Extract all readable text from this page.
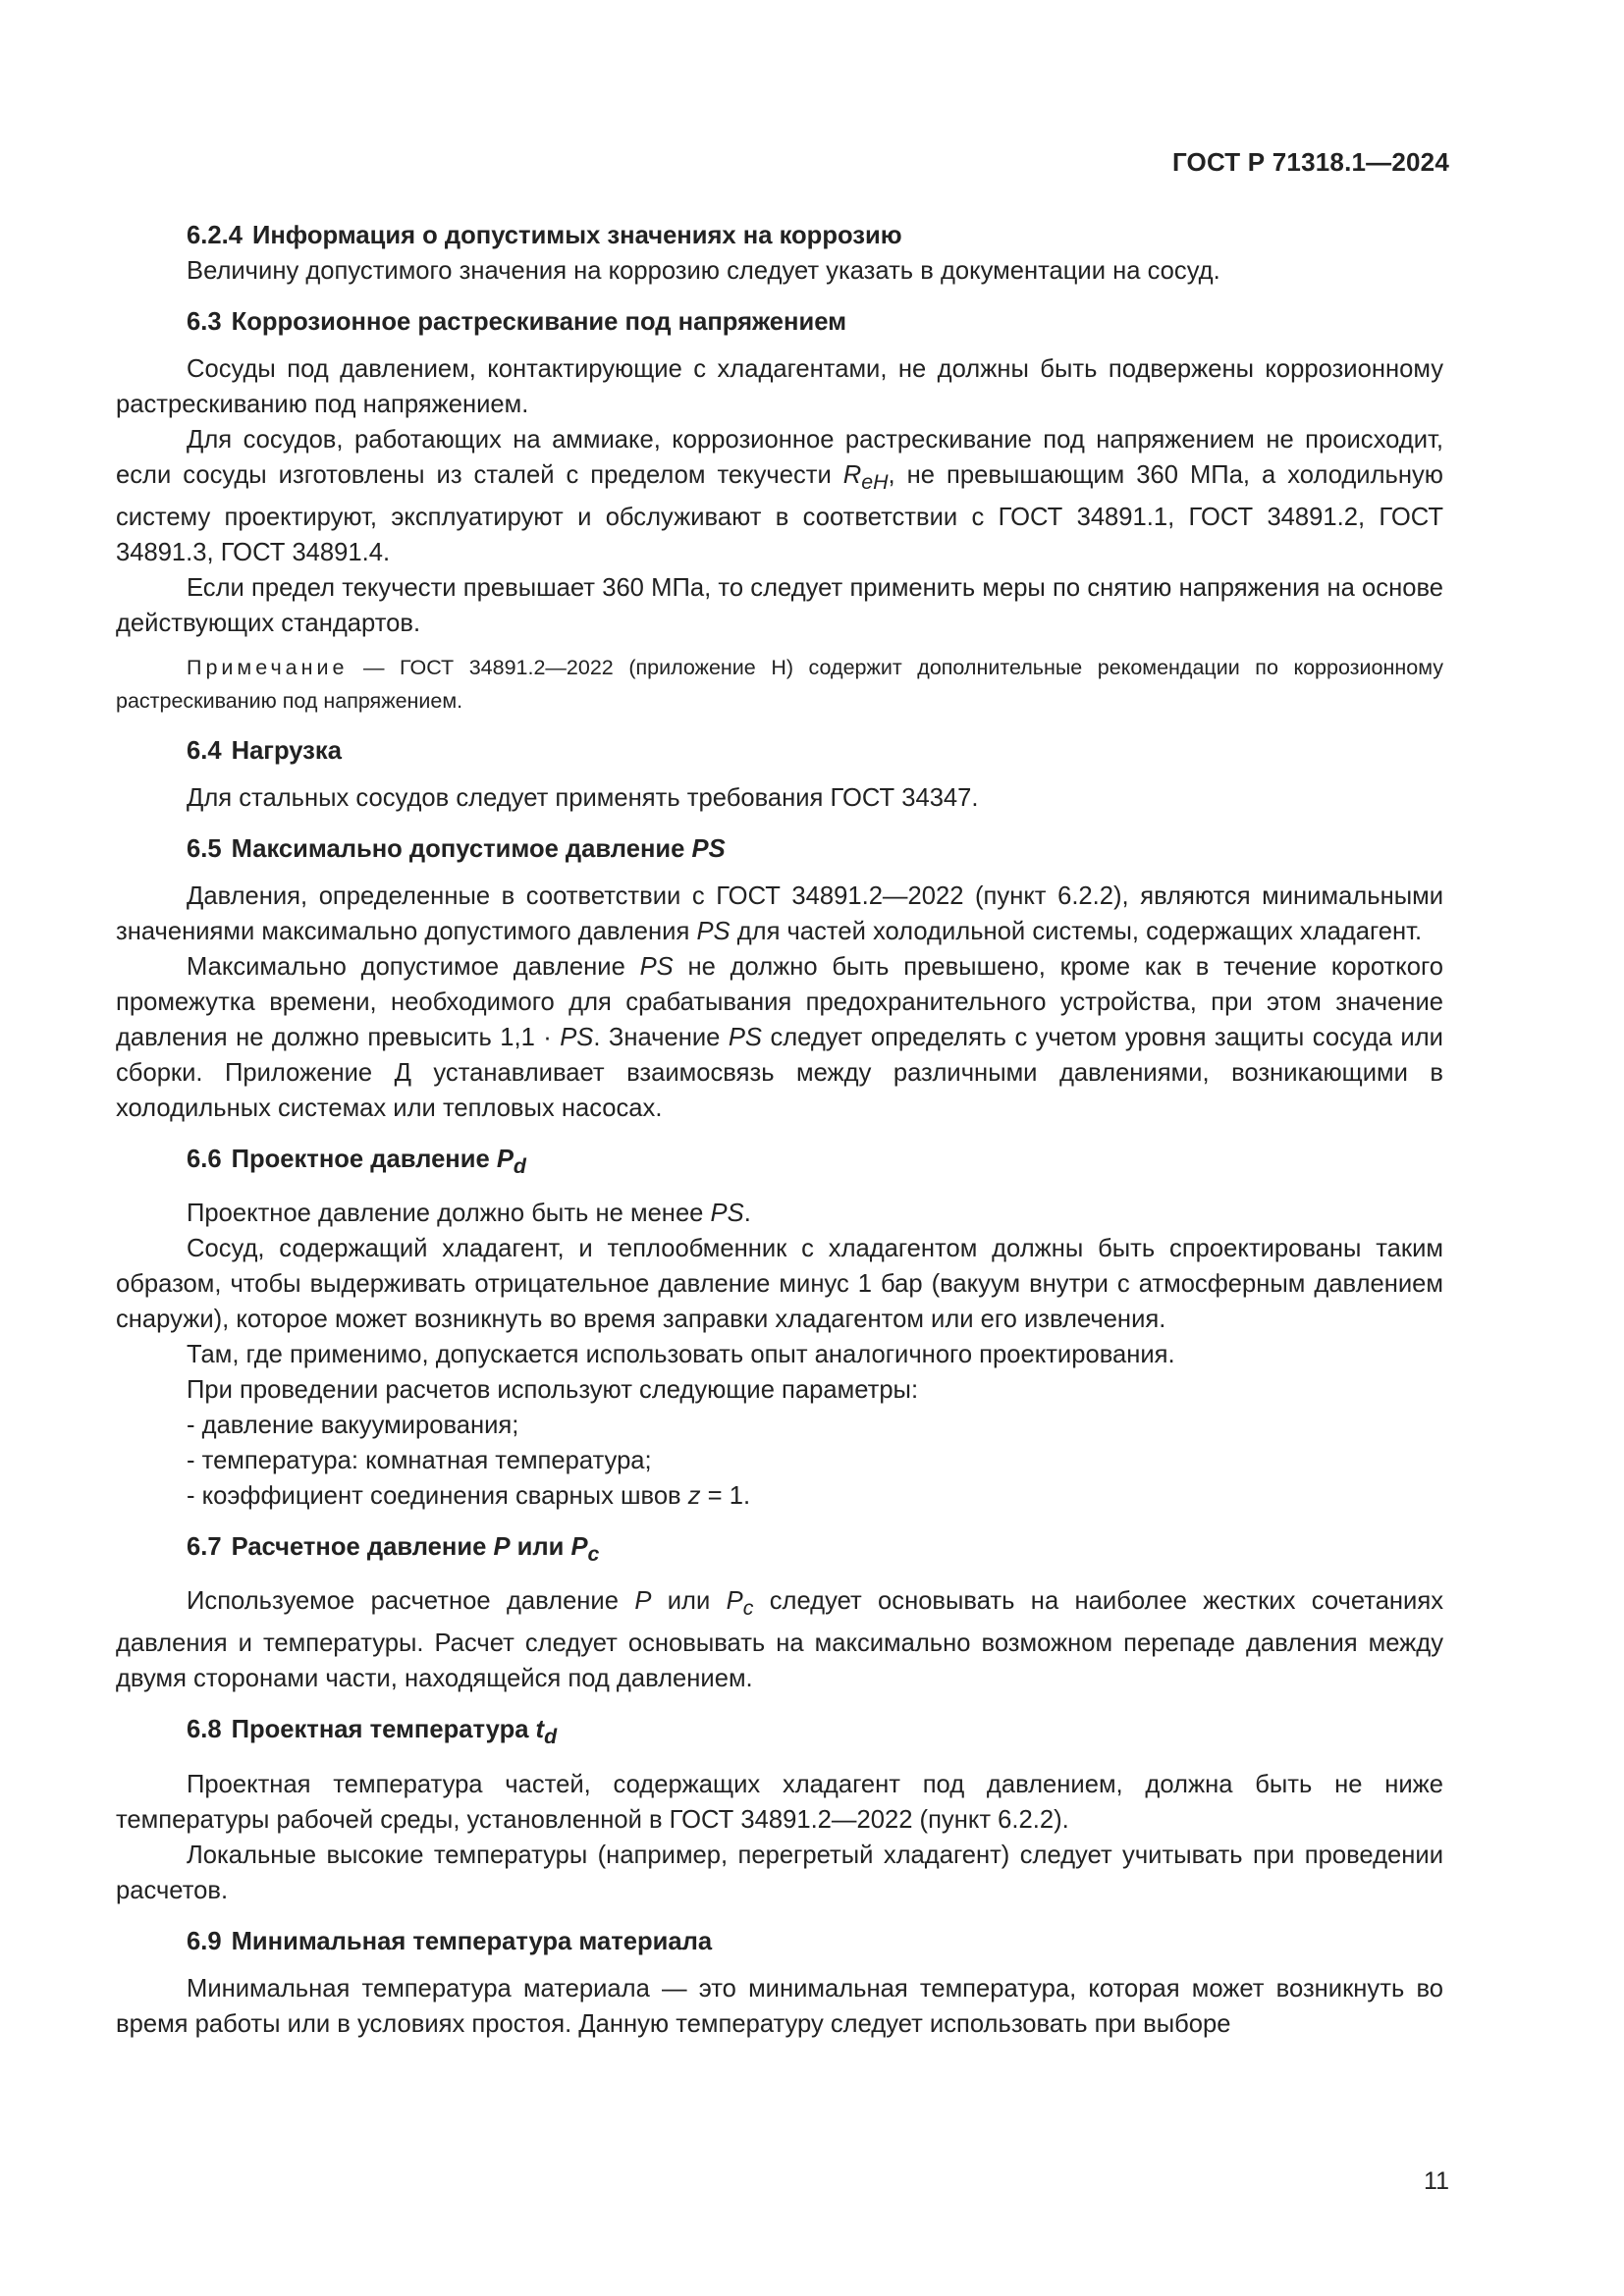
ГОСТ Р 71318.1—2024
6.2.4 Информация о допустимых значениях на коррозию

Величину допустимого значения на коррозию следует указать в документации на сосуд.

6.3 Коррозионное растрескивание под напряжением

Сосуды под давлением, контактирующие с хладагентами, не должны быть подвержены коррозионному растрескиванию под напряжением.

Для сосудов, работающих на аммиаке, коррозионное растрескивание под напряжением не происходит, если сосуды изготовлены из сталей с пределом текучести $R_{eH}$, не превышающим 360 МПа, а холодильную систему проектируют, эксплуатируют и обслуживают в соответствии с ГОСТ 34891.1, ГОСТ 34891.2, ГОСТ 34891.3, ГОСТ 34891.4.

Если предел текучести превышает 360 МПа, то следует применить меры по снятию напряжения на основе действующих стандартов.

Примечание — ГОСТ 34891.2—2022 (приложение Н) содержит дополнительные рекомендации по коррозионному растрескиванию под напряжением.

6.4 Нагрузка

Для стальных сосудов следует применять требования ГОСТ 34347.

6.5 Максимально допустимое давление PS

Давления, определенные в соответствии с ГОСТ 34891.2—2022 (пункт 6.2.2), являются минимальными значениями максимально допустимого давления PS для частей холодильной системы, содержащих хладагент.

Максимально допустимое давление PS не должно быть превышено, кроме как в течение короткого промежутка времени, необходимого для срабатывания предохранительного устройства, при этом значение давления не должно превысить 1,1 · PS. Значение PS следует определять с учетом уровня защиты сосуда или сборки. Приложение Д устанавливает взаимосвязь между различными давлениями, возникающими в холодильных системах или тепловых насосах.

6.6 Проектное давление $P_d$

Проектное давление должно быть не менее PS.

Сосуд, содержащий хладагент, и теплообменник с хладагентом должны быть спроектированы таким образом, чтобы выдерживать отрицательное давление минус 1 бар (вакуум внутри с атмосферным давлением снаружи), которое может возникнуть во время заправки хладагентом или его извлечения.

Там, где применимо, допускается использовать опыт аналогичного проектирования.

При проведении расчетов используют следующие параметры:

- давление вакуумирования;
- температура: комнатная температура;
- коэффициент соединения сварных швов z = 1.
6.7 Расчетное давление P или $P_c$

Используемое расчетное давление P или $P_c$ следует основывать на наиболее жестких сочетаниях давления и температуры. Расчет следует основывать на максимально возможном перепаде давления между двумя сторонами части, находящейся под давлением.

6.8 Проектная температура $t_d$

Проектная температура частей, содержащих хладагент под давлением, должна быть не ниже температуры рабочей среды, установленной в ГОСТ 34891.2—2022 (пункт 6.2.2).

Локальные высокие температуры (например, перегретый хладагент) следует учитывать при проведении расчетов.

6.9 Минимальная температура материала

Минимальная температура материала — это минимальная температура, которая может возникнуть во время работы или в условиях простоя. Данную температуру следует использовать при выборе

11
